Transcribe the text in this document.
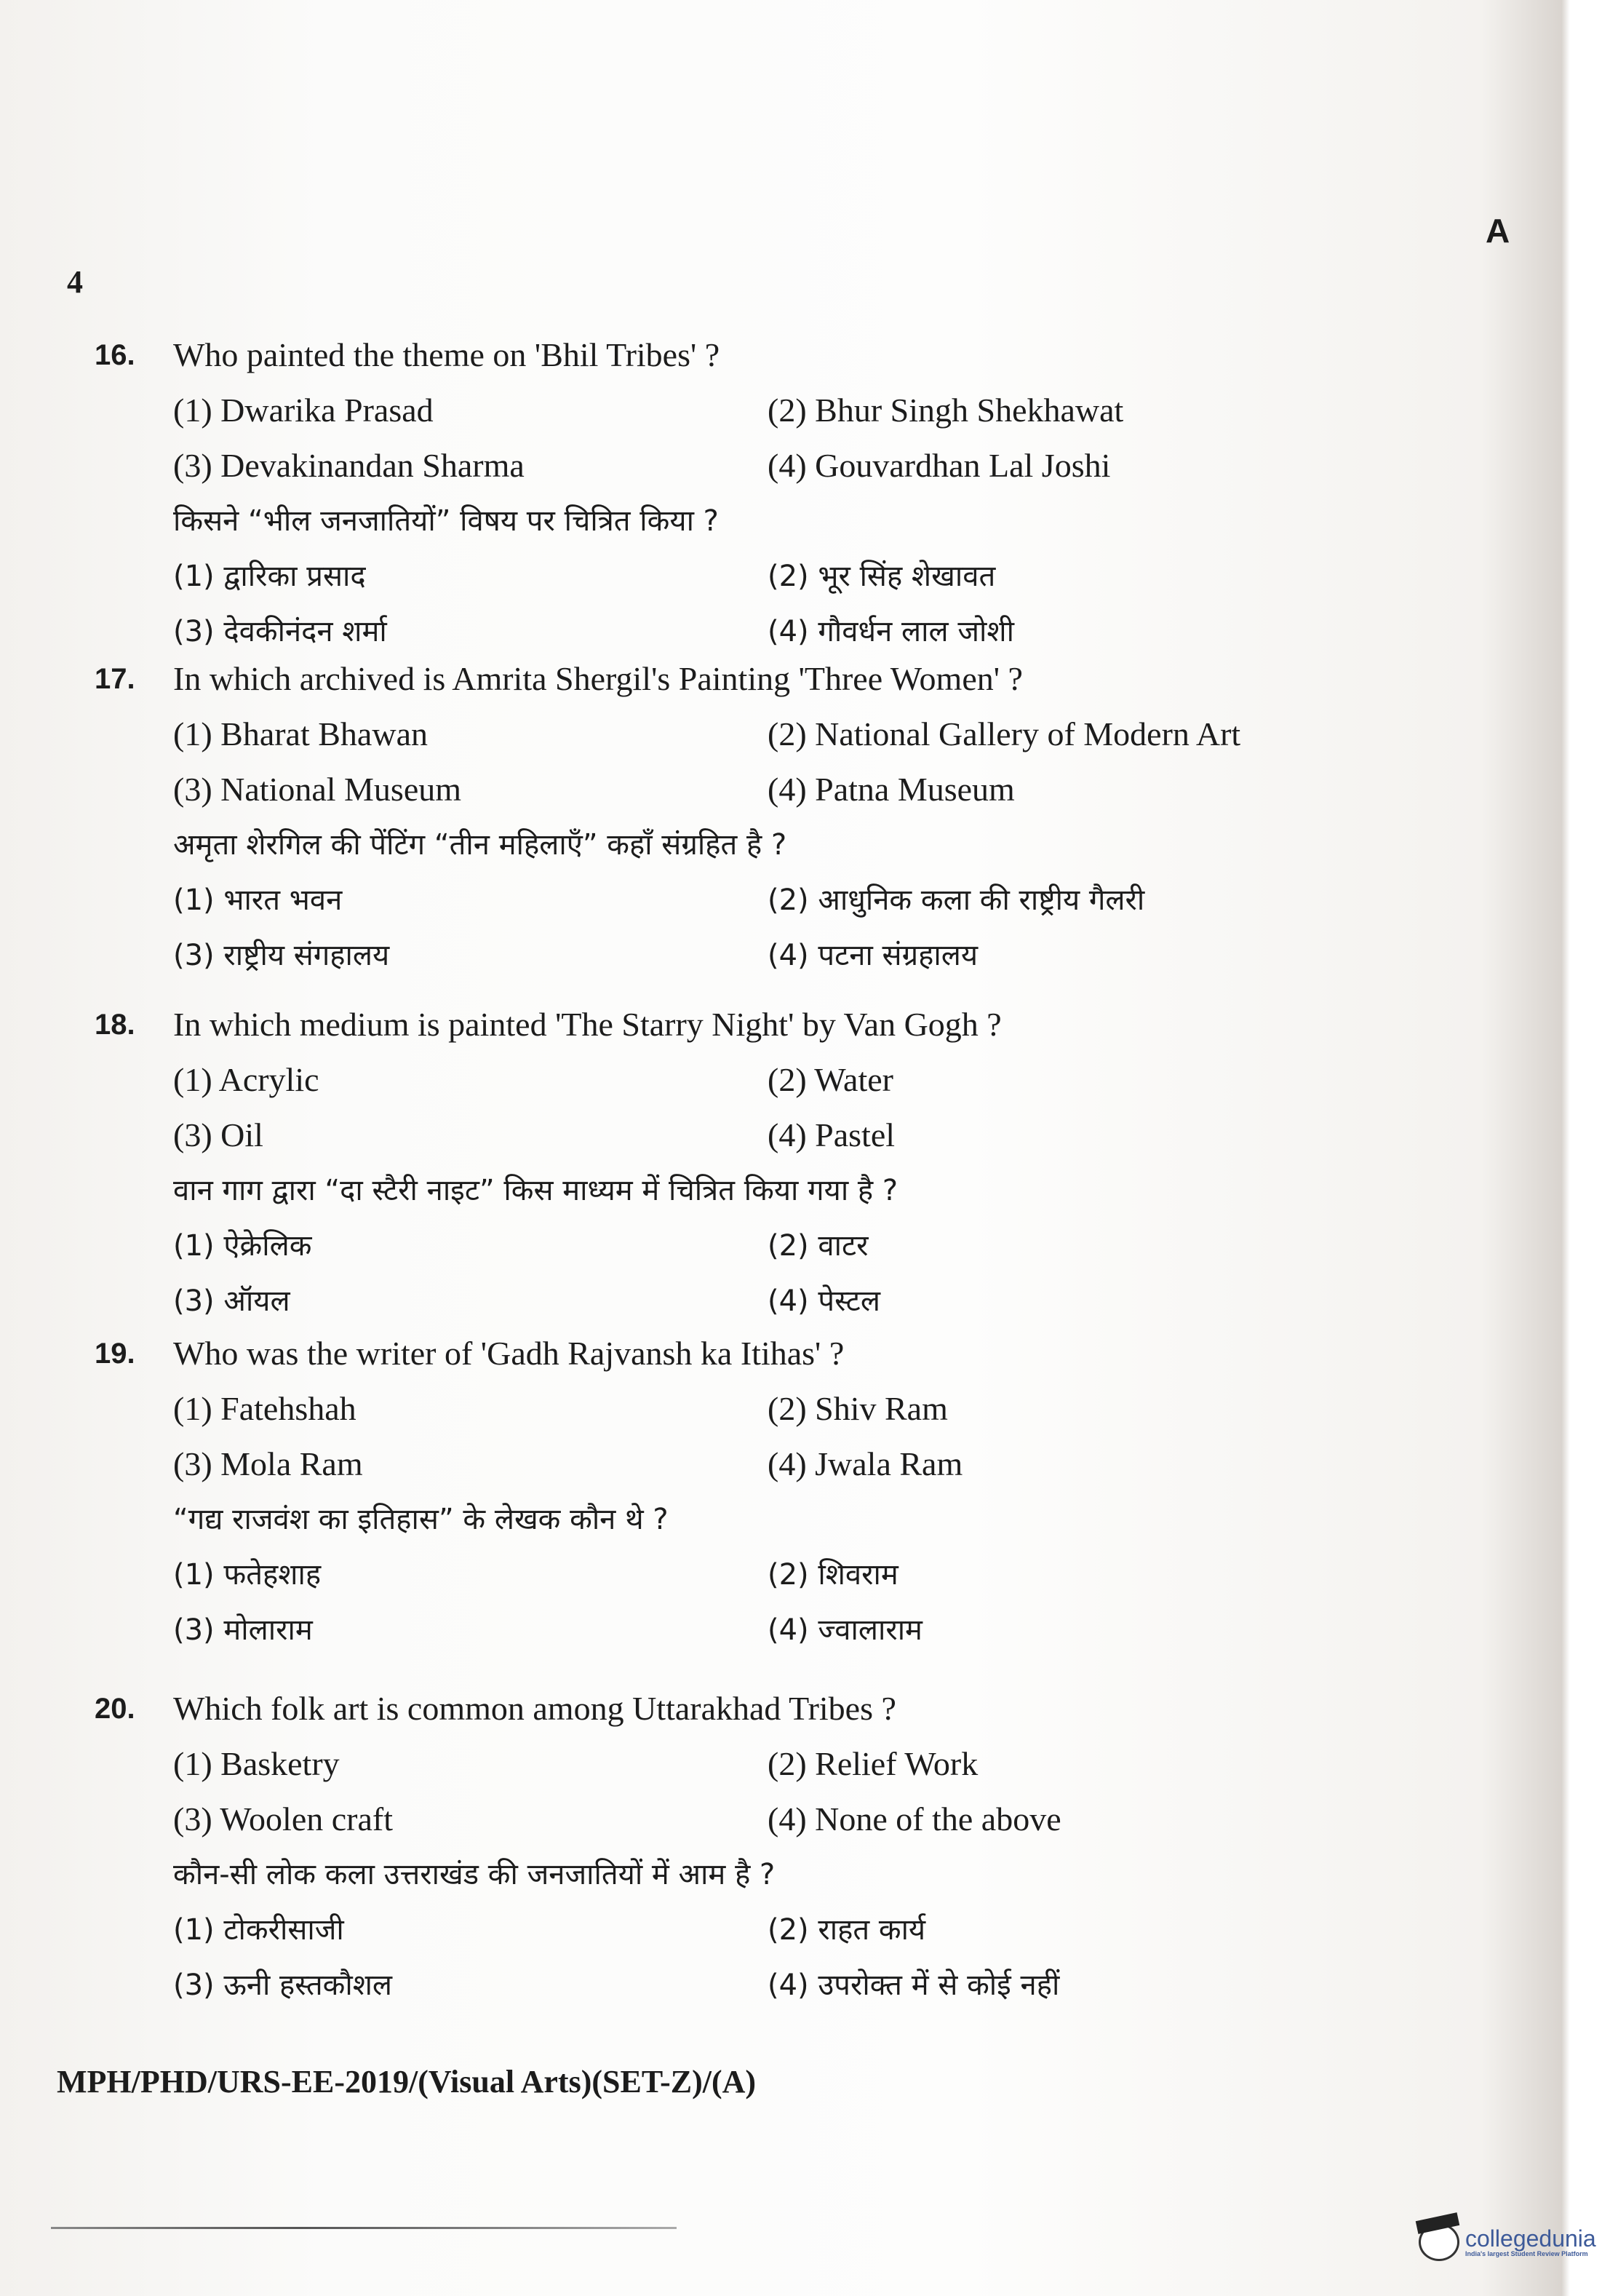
4
A
16. Who painted the theme on 'Bhil Tribes' ?
(1) Dwarika Prasad	(2) Bhur Singh Shekhawat
(3) Devakinandan Sharma	(4) Gouvardhan Lal Joshi
किसने “भील जनजातियों” विषय पर चित्रित किया ?
(1) द्वारिका प्रसाद	(2) भूर सिंह शेखावत
(3) देवकीनंदन शर्मा	(4) गौवर्धन लाल जोशी
17. In which archived is Amrita Shergil's Painting 'Three Women' ?
(1) Bharat Bhawan	(2) National Gallery of Modern Art
(3) National Museum	(4) Patna Museum
अमृता शेरगिल की पेंटिंग “तीन महिलाएँ” कहाँ संग्रहित है ?
(1) भारत भवन	(2) आधुनिक कला की राष्ट्रीय गैलरी
(3) राष्ट्रीय संगहालय	(4) पटना संग्रहालय
18. In which medium is painted 'The Starry Night' by Van Gogh ?
(1) Acrylic	(2) Water
(3) Oil	(4) Pastel
वान गाग द्वारा “दा स्टैरी नाइट” किस माध्यम में चित्रित किया गया है ?
(1) ऐक्रेलिक	(2) वाटर
(3) ऑयल	(4) पेस्टल
19. Who was the writer of 'Gadh Rajvansh ka Itihas' ?
(1) Fatehshah	(2) Shiv Ram
(3) Mola Ram	(4) Jwala Ram
“गद्य राजवंश का इतिहास” के लेखक कौन थे ?
(1) फतेहशाह	(2) शिवराम
(3) मोलाराम	(4) ज्वालाराम
20. Which folk art is common among Uttarakhad Tribes ?
(1) Basketry	(2) Relief Work
(3) Woolen craft	(4) None of the above
कौन-सी लोक कला उत्तराखंड की जनजातियों में आम है ?
(1) टोकरीसाजी	(2) राहत कार्य
(3) ऊनी हस्तकौशल	(4) उपरोक्त में से कोई नहीं
MPH/PHD/URS-EE-2019/(Visual Arts)(SET-Z)/(A)
collegedunia
India's largest Student Review Platform
